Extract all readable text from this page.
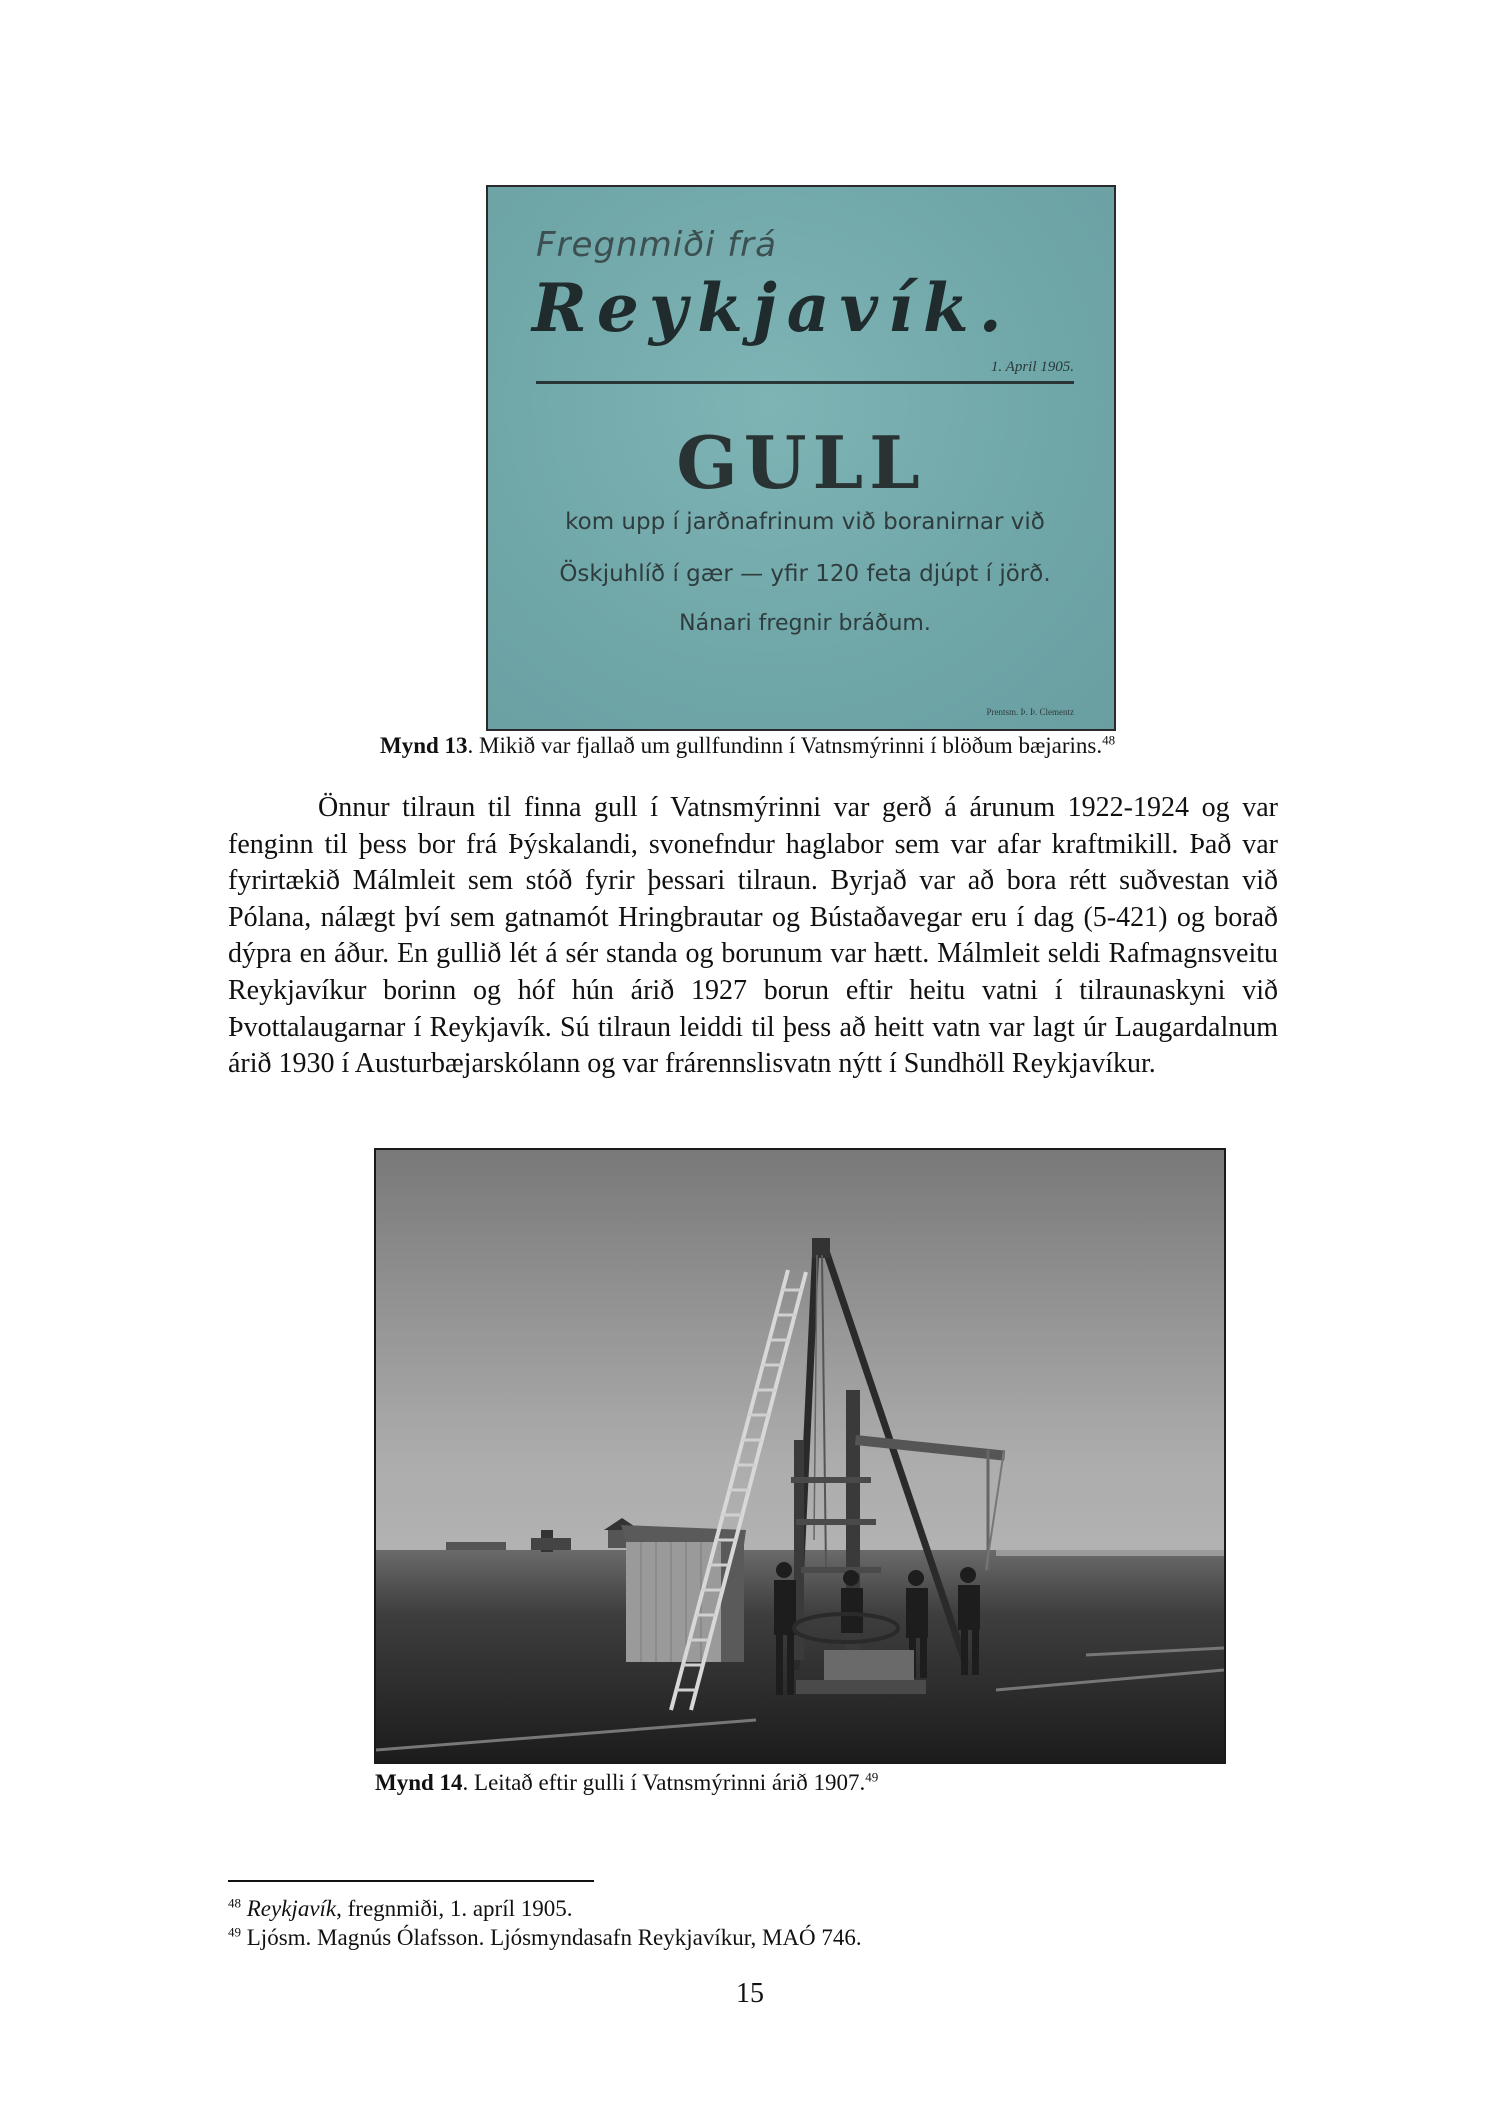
Fregnmiði frá
Reykjavík.
1. April 1905.
GULL
kom upp í jarðnafrinum við boranirnar við
Öskjuhlíð í gær — yfir 120 feta djúpt í jörð.
Nánari fregnir bráðum.
Prentsm. Þ. Þ. Clementz
Mynd 13. Mikið var fjallað um gullfundinn í Vatnsmýrinni í blöðum bæjarins.$^{48}$

Önnur tilraun til finna gull í Vatnsmýrinni var gerð á árunum 1922-1924 og var fenginn til þess bor frá Þýskalandi, svonefndur haglabor sem var afar kraftmikill. Það var fyrirtækið Málmleit sem stóð fyrir þessari tilraun. Byrjað var að bora rétt suðvestan við Pólana, nálægt því sem gatnamót Hringbrautar og Bústaðavegar eru í dag (5-421) og borað dýpra en áður. En gullið lét á sér standa og borunum var hætt. Málmleit seldi Rafmagnsveitu Reykjavíkur borinn og hóf hún árið 1927 borun eftir heitu vatni í tilraunaskyni við Þvottalaugarnar í Reykjavík. Sú tilraun leiddi til þess að heitt vatn var lagt úr Laugardalnum árið 1930 í Austurbæjarskólann og var frárennslisvatn nýtt í Sundhöll Reykjavíkur.

Mynd 14. Leitað eftir gulli í Vatnsmýrinni árið 1907.49
$^{48}$ Reykjavík, fregnmiði, 1. apríl 1905.
$^{49}$ Ljósm. Magnús Ólafsson. Ljósmyndasafn Reykjavíkur, MAÓ 746.
15
